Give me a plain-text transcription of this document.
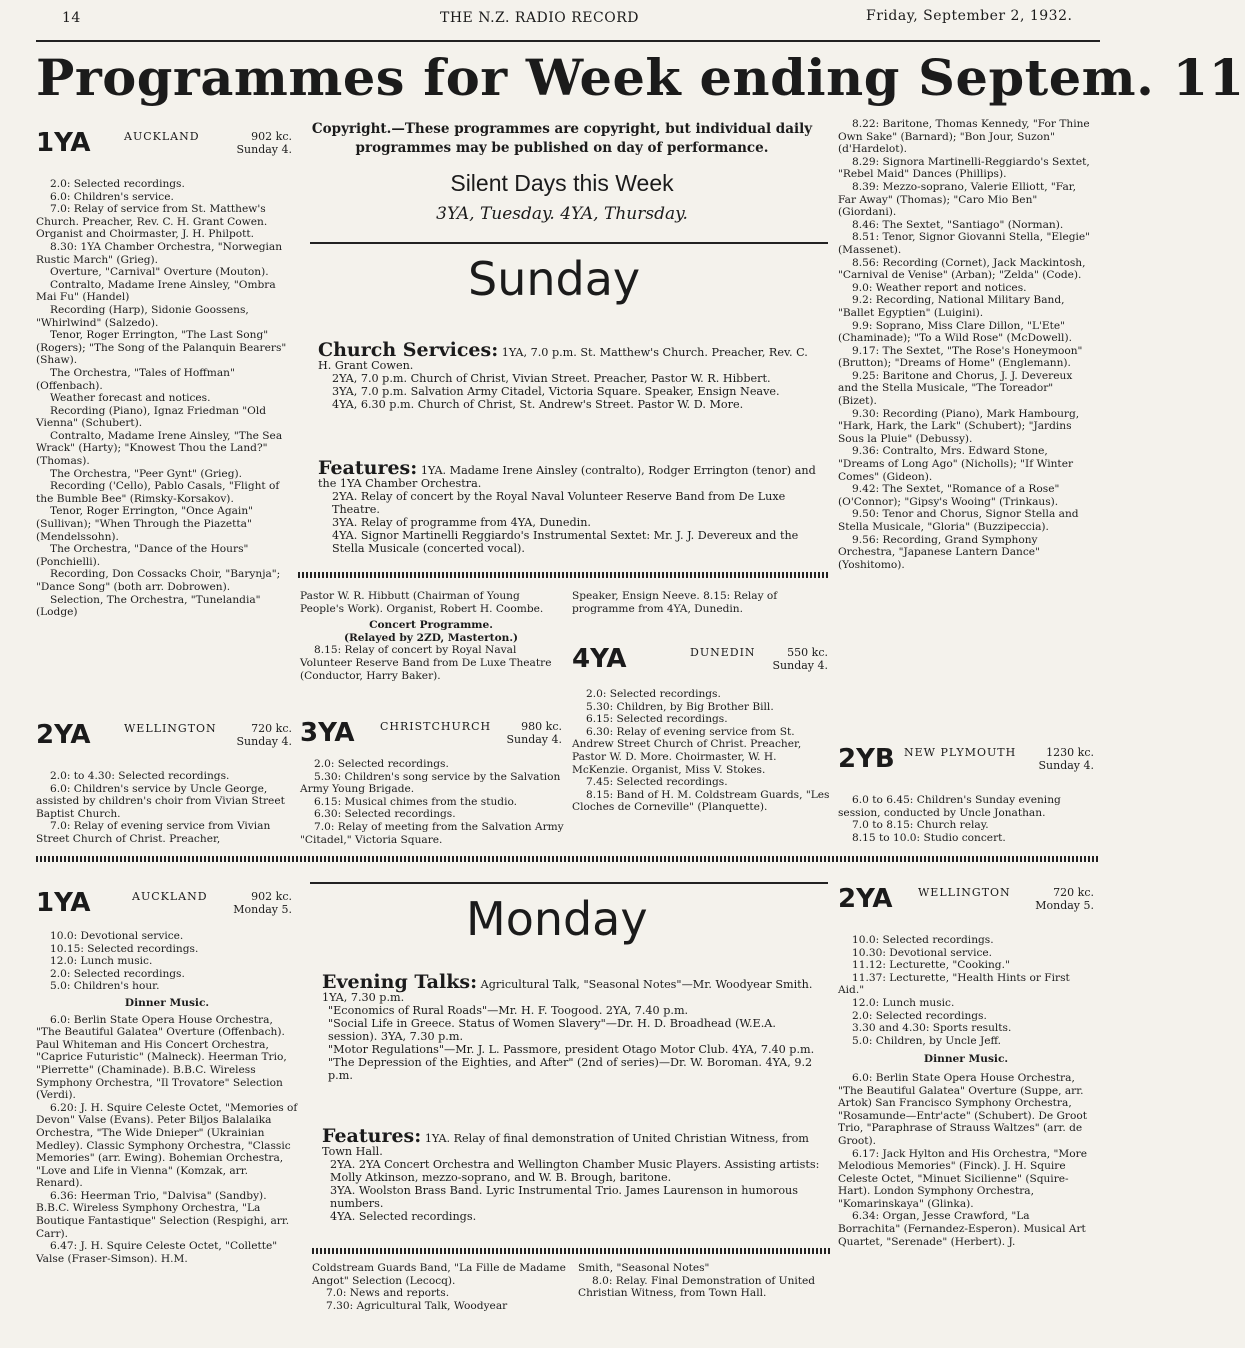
14	THE N.Z. RADIO RECORD	Friday, September 2, 1932.
Programmes for Week ending Septem. 11
Copyright.—These programmes are copyright, but individual daily
programmes may be published on day of performance.
Silent Days this Week
3YA, Tuesday. 4YA, Thursday.
Sunday
1YA	AUCKLAND	902 kc.
Sunday 4.

2.0: Selected recordings.

6.0: Children's service.

7.0: Relay of service from St. Matthew's Church. Preacher, Rev. C. H. Grant Cowen. Organist and Choirmaster, J. H. Philpott.

8.30: 1YA Chamber Orchestra, "Norwegian Rustic March" (Grieg).

Overture, "Carnival" Overture (Mouton).

Contralto, Madame Irene Ainsley, "Ombra Mai Fu" (Handel)

Recording (Harp), Sidonie Goossens, "Whirlwind" (Salzedo).

Tenor, Roger Errington, "The Last Song" (Rogers); "The Song of the Palanquin Bearers" (Shaw).

The Orchestra, "Tales of Hoffman" (Offenbach).

Weather forecast and notices.

Recording (Piano), Ignaz Friedman "Old Vienna" (Schubert).

Contralto, Madame Irene Ainsley, "The Sea Wrack" (Harty); "Knowest Thou the Land?" (Thomas).

The Orchestra, "Peer Gynt" (Grieg).

Recording ('Cello), Pablo Casals, "Flight of the Bumble Bee" (Rimsky-Korsakov).

Tenor, Roger Errington, "Once Again" (Sullivan); "When Through the Piazetta" (Mendelssohn).

The Orchestra, "Dance of the Hours" (Ponchielli).

Recording, Don Cossacks Choir, "Barynja"; "Dance Song" (both arr. Dobrowen).

Selection, The Orchestra, "Tunelandia" (Lodge)

2YA	WELLINGTON	720 kc.
Sunday 4.

2.0: to 4.30: Selected recordings.

6.0: Children's service by Uncle George, assisted by children's choir from Vivian Street Baptist Church.

7.0: Relay of evening service from Vivian Street Church of Christ. Preacher,

Church Services: 1YA, 7.0 p.m. St. Matthew's Church. Preacher, Rev. C. H. Grant Cowen.

2YA, 7.0 p.m. Church of Christ, Vivian Street. Preacher, Pastor W. R. Hibbert.

3YA, 7.0 p.m. Salvation Army Citadel, Victoria Square. Speaker, Ensign Neave.

4YA, 6.30 p.m. Church of Christ, St. Andrew's Street. Pastor W. D. More.

Features: 1YA. Madame Irene Ainsley (contralto), Rodger Errington (tenor) and the 1YA Chamber Orchestra.

2YA. Relay of concert by the Royal Naval Volunteer Reserve Band from De Luxe Theatre.

3YA. Relay of programme from 4YA, Dunedin.

4YA. Signor Martinelli Reggiardo's Instrumental Sextet: Mr. J. J. Devereux and the Stella Musicale (concerted vocal).

Pastor W. R. Hibbutt (Chairman of Young People's Work). Organist, Robert H. Coombe.

Concert Programme.

(Relayed by 2ZD, Masterton.)

8.15: Relay of concert by Royal Naval Volunteer Reserve Band from De Luxe Theatre (Conductor, Harry Baker).

Speaker, Ensign Neeve. 8.15: Relay of programme from 4YA, Dunedin.

3YA CHRISTCHURCH	980 kc.
Sunday 4.

2.0: Selected recordings.

5.30: Children's song service by the Salvation Army Young Brigade.

6.15: Musical chimes from the studio.

6.30: Selected recordings.

7.0: Relay of meeting from the Salvation Army "Citadel," Victoria Square.

4YA	DUNEDIN	550 kc.
Sunday 4.

2.0: Selected recordings.

5.30: Children, by Big Brother Bill.

6.15: Selected recordings.

6.30: Relay of evening service from St. Andrew Street Church of Christ. Preacher, Pastor W. D. More. Choirmaster, W. H. McKenzie. Organist, Miss V. Stokes.

7.45: Selected recordings.

8.15: Band of H. M. Coldstream Guards, "Les Cloches de Corneville" (Planquette).

8.22: Baritone, Thomas Kennedy, "For Thine Own Sake" (Barnard); "Bon Jour, Suzon" (d'Hardelot).

8.29: Signora Martinelli-Reggiardo's Sextet, "Rebel Maid" Dances (Phillips).

8.39: Mezzo-soprano, Valerie Elliott, "Far, Far Away" (Thomas); "Caro Mio Ben" (Giordani).

8.46: The Sextet, "Santiago" (Norman).

8.51: Tenor, Signor Giovanni Stella, "Elegie" (Massenet).

8.56: Recording (Cornet), Jack Mackintosh, "Carnival de Venise" (Arban); "Zelda" (Code).

9.0: Weather report and notices.

9.2: Recording, National Military Band, "Ballet Egyptien" (Luigini).

9.9: Soprano, Miss Clare Dillon, "L'Ete" (Chaminade); "To a Wild Rose" (McDowell).

9.17: The Sextet, "The Rose's Honeymoon" (Brutton); "Dreams of Home" (Englemann).

9.25: Baritone and Chorus, J. J. Devereux and the Stella Musicale, "The Toreador" (Bizet).

9.30: Recording (Piano), Mark Hambourg, "Hark, Hark, the Lark" (Schubert); "Jardins Sous la Pluie" (Debussy).

9.36: Contralto, Mrs. Edward Stone, "Dreams of Long Ago" (Nicholls); "If Winter Comes" (Gideon).

9.42: The Sextet, "Romance of a Rose" (O'Connor); "Gipsy's Wooing" (Trinkaus).

9.50: Tenor and Chorus, Signor Stella and Stella Musicale, "Gloria" (Buzzipeccia).

9.56: Recording, Grand Symphony Orchestra, "Japanese Lantern Dance" (Yoshitomo).

2YB NEW PLYMOUTH	1230 kc.
Sunday 4.

6.0 to 6.45: Children's Sunday evening session, conducted by Uncle Jonathan.

7.0 to 8.15: Church relay.

8.15 to 10.0: Studio concert.

Monday
1YA	AUCKLAND	902 kc.
Monday 5.

10.0: Devotional service.

10.15: Selected recordings.

12.0: Lunch music.

2.0: Selected recordings.

5.0: Children's hour.

Dinner Music.

6.0: Berlin State Opera House Orchestra, "The Beautiful Galatea" Overture (Offenbach). Paul Whiteman and His Concert Orchestra, "Caprice Futuristic" (Malneck). Heerman Trio, "Pierrette" (Chaminade). B.B.C. Wireless Symphony Orchestra, "Il Trovatore" Selection (Verdi).

6.20: J. H. Squire Celeste Octet, "Memories of Devon" Valse (Evans). Peter Biljos Balalaika Orchestra, "The Wide Dnieper" (Ukrainian Medley). Classic Symphony Orchestra, "Classic Memories" (arr. Ewing). Bohemian Orchestra, "Love and Life in Vienna" (Komzak, arr. Renard).

6.36: Heerman Trio, "Dalvisa" (Sandby). B.B.C. Wireless Symphony Orchestra, "La Boutique Fantastique" Selection (Respighi, arr. Carr).

6.47: J. H. Squire Celeste Octet, "Collette" Valse (Fraser-Simson). H.M.

Evening Talks: Agricultural Talk, "Seasonal Notes"—Mr. Woodyear Smith. 1YA, 7.30 p.m.

"Economics of Rural Roads"—Mr. H. F. Toogood. 2YA, 7.40 p.m.

"Social Life in Greece. Status of Women Slavery"—Dr. H. D. Broadhead (W.E.A. session). 3YA, 7.30 p.m.

"Motor Regulations"—Mr. J. L. Passmore, president Otago Motor Club. 4YA, 7.40 p.m.

"The Depression of the Eighties, and After" (2nd of series)—Dr. W. Boroman. 4YA, 9.2 p.m.

Features: 1YA. Relay of final demonstration of United Christian Witness, from Town Hall.

2YA. 2YA Concert Orchestra and Wellington Chamber Music Players. Assisting artists: Molly Atkinson, mezzo-soprano, and W. B. Brough, baritone.

3YA. Woolston Brass Band. Lyric Instrumental Trio. James Laurenson in humorous numbers.

4YA. Selected recordings.

Coldstream Guards Band, "La Fille de Madame Angot" Selection (Lecocq).

7.0: News and reports.

7.30: Agricultural Talk, Woodyear

Smith, "Seasonal Notes"

8.0: Relay. Final Demonstration of United Christian Witness, from Town Hall.

2YA WELLINGTON	720 kc.
Monday 5.

10.0: Selected recordings.

10.30: Devotional service.

11.12: Lecturette, "Cooking."

11.37: Lecturette, "Health Hints or First Aid."

12.0: Lunch music.

2.0: Selected recordings.

3.30 and 4.30: Sports results.

5.0: Children, by Uncle Jeff.

Dinner Music.

6.0: Berlin State Opera House Orchestra, "The Beautiful Galatea" Overture (Suppe, arr. Artok) San Francisco Symphony Orchestra, "Rosamunde—Entr'acte" (Schubert). De Groot Trio, "Paraphrase of Strauss Waltzes" (arr. de Groot).

6.17: Jack Hylton and His Orchestra, "More Melodious Memories" (Finck). J. H. Squire Celeste Octet, "Minuet Sicilienne" (Squire-Hart). London Symphony Orchestra, "Komarinskaya" (Glinka).

6.34: Organ, Jesse Crawford, "La Borrachita" (Fernandez-Esperon). Musical Art Quartet, "Serenade" (Herbert). J.
